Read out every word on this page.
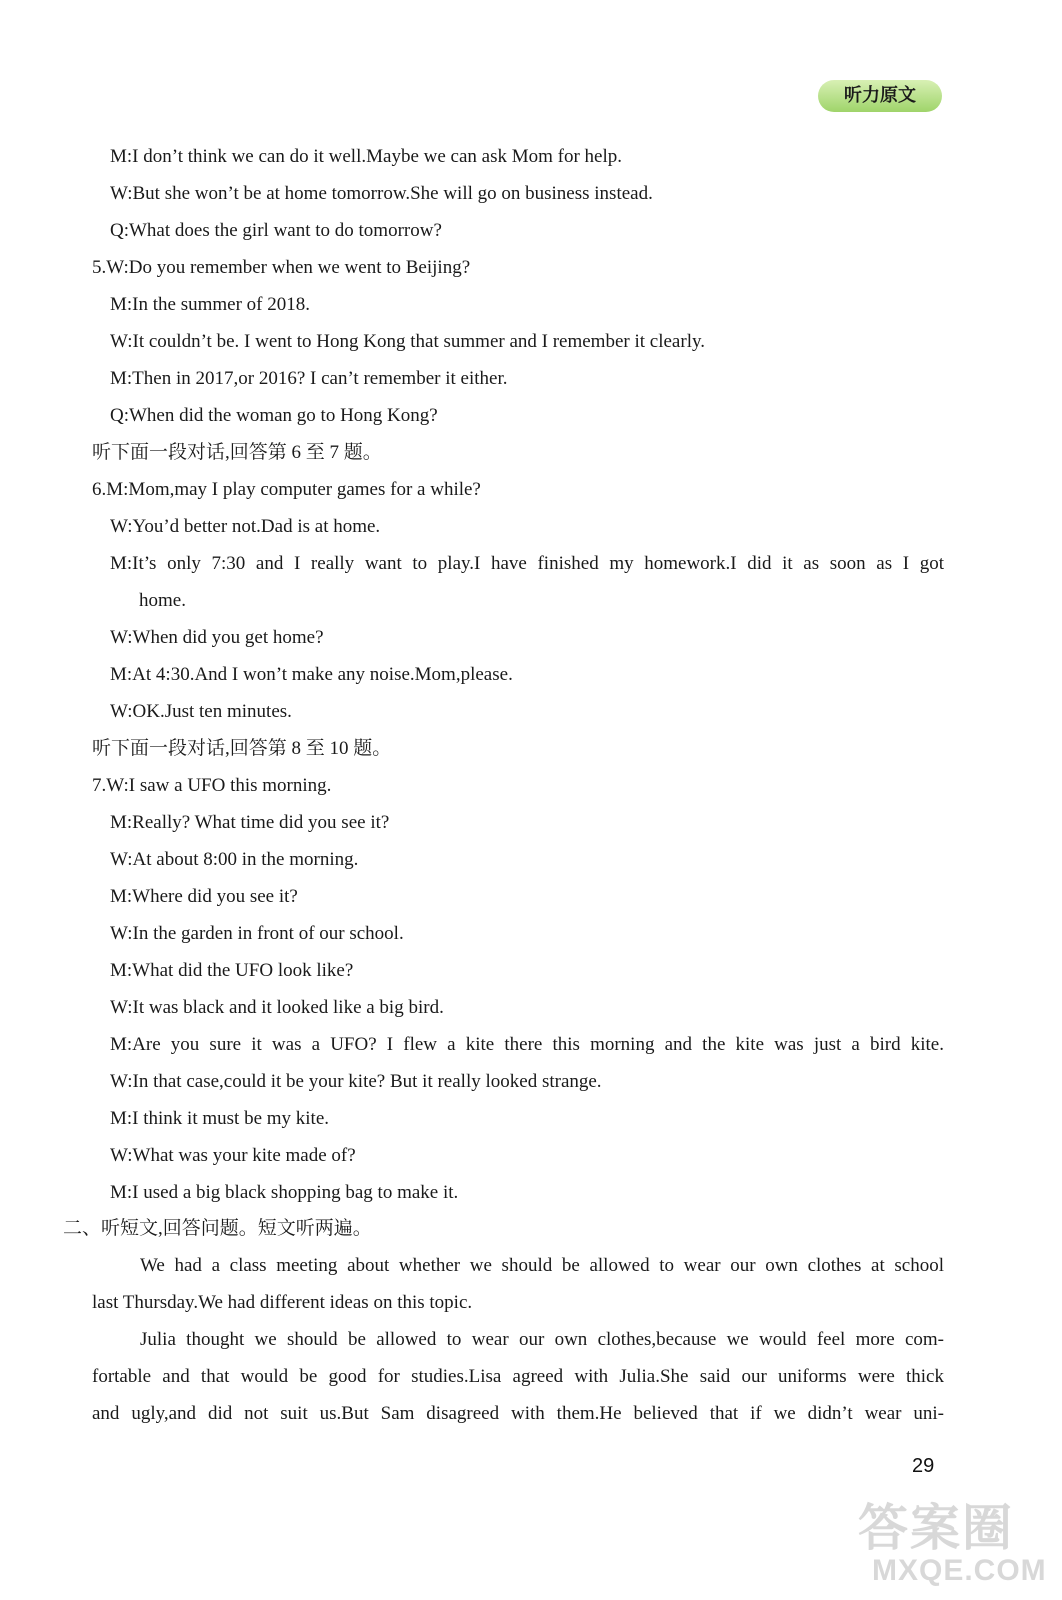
听力原文
M:I don’t think we can do it well.Maybe we can ask Mom for help.
W:But she won’t be at home tomorrow.She will go on business instead.
Q:What does the girl want to do tomorrow?
5.W:Do you remember when we went to Beijing?
M:In the summer of 2018.
W:It couldn’t be. I went to Hong Kong that summer and I remember it clearly.
M:Then in 2017,or 2016? I can’t remember it either.
Q:When did the woman go to Hong Kong?
听下面一段对话,回答第 6 至 7 题。
6.M:Mom,may I play computer games for a while?
W:You’d better not.Dad is at home.
M:It’s only 7:30 and I really want to play.I have finished my homework.I did it as soon as I got
home.
W:When did you get home?
M:At 4:30.And I won’t make any noise.Mom,please.
W:OK.Just ten minutes.
听下面一段对话,回答第 8 至 10 题。
7.W:I saw a UFO this morning.
M:Really? What time did you see it?
W:At about 8:00 in the morning.
M:Where did you see it?
W:In the garden in front of our school.
M:What did the UFO look like?
W:It was black and it looked like a big bird.
M:Are you sure it was a UFO? I flew a kite there this morning and the kite was just a bird kite.
W:In that case,could it be your kite? But it really looked strange.
M:I think it must be my kite.
W:What was your kite made of?
M:I used a big black shopping bag to make it.
二、听短文,回答问题。短文听两遍。
We had a class meeting about whether we should be allowed to wear our own clothes at school
last Thursday.We had different ideas on this topic.
Julia thought we should be allowed to wear our own clothes,because we would feel more com-
fortable and that would be good for studies.Lisa agreed with Julia.She said our uniforms were thick
and ugly,and did not suit us.But Sam disagreed with them.He believed that if we didn’t wear uni-
29
答案圈
MXQE.COM
